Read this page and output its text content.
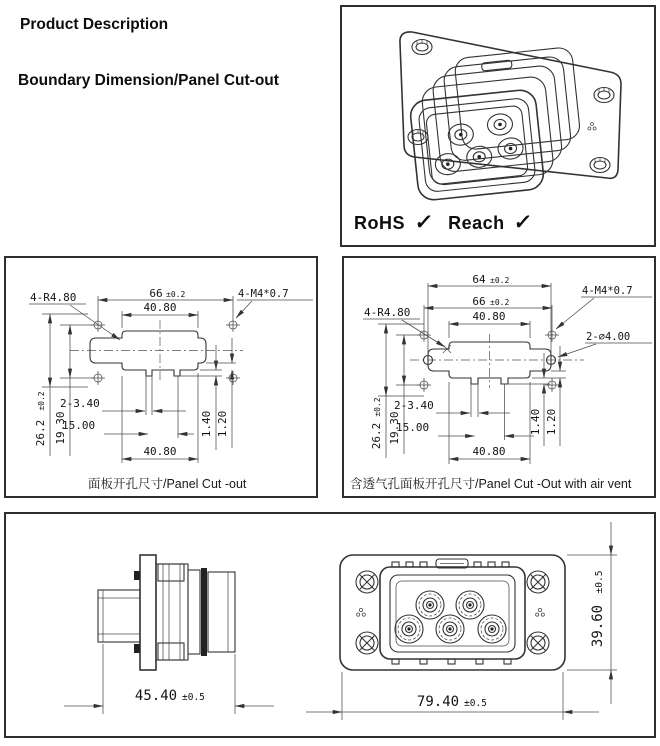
Product Description
Boundary Dimension/Panel Cut-out
RoHS ✓ Reach ✓
66 ±0.2
40.80
4-R4.80	4-M4*0.7
19.30
26.2
±0.2 2-3.40
15.00
40.80
1.40 1.20
面板开孔尺寸/Panel Cut -out
64 ±0.2
66 ±0.2
40.80
4-R4.80
4-M4*0.7
2-∅4.00
19.30
26.2
±0.2 2-3.40
15.00
40.80
1.40 1.20
含透气孔面板开孔尺寸/Panel Cut -Out with air vent
45.40 ±0.5	79.40 ±0.5
39.60
±0.5
